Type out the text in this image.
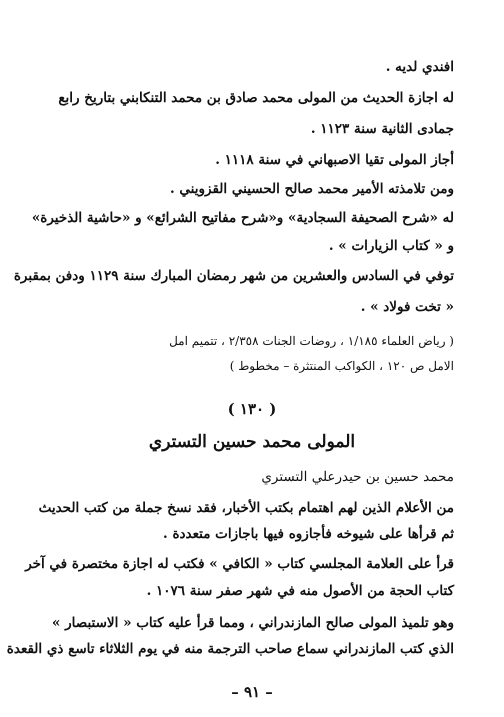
افندي لديه .
له اجازة الحديث من المولى محمد صادق بن محمد التنكابني بتاريخ رابع
جمادى الثانية سنة ١١٢٣ .
أجاز المولى تقيا الاصبهاني في سنة ١١١٨ .
ومن تلامذته الأمير محمد صالح الحسيني القزويني .
له «شرح الصحيفة السجادية» و«شرح مفاتيح الشرائع» و «حاشية الذخيرة»
و « كتاب الزيارات » .
توفي في السادس والعشرين من شهر رمضان المبارك سنة ١١٢٩ ودفن بمقبرة
« تخت فولاد » .
( رياض العلماء ١/١٨٥ ، روضات الجنات ٢/٣٥٨ ، تتميم امل
الامل ص ١٢٠ ، الكواكب المنتثرة – مخطوط )
( ١٣٠ )
المولى محمد حسين التستري
محمد حسين بن حيدرعلي التستري
من الأعلام الذين لهم اهتمام بكتب الأخبار، فقد نسخ جملة من كتب الحديث
ثم قرأها على شيوخه فأجازوه فيها باجازات متعددة .
قرأ على العلامة المجلسي كتاب « الكافي » فكتب له اجازة مختصرة في آخر
كتاب الحجة من الأصول منه في شهر صفر سنة ١٠٧٦ .
وهو تلميذ المولى صالح المازندراني ، ومما قرأ عليه كتاب « الاستبصار »
الذي كتب المازندراني سماع صاحب الترجمة منه في يوم الثلاثاء تاسع ذي القعدة
– ٩١ –
